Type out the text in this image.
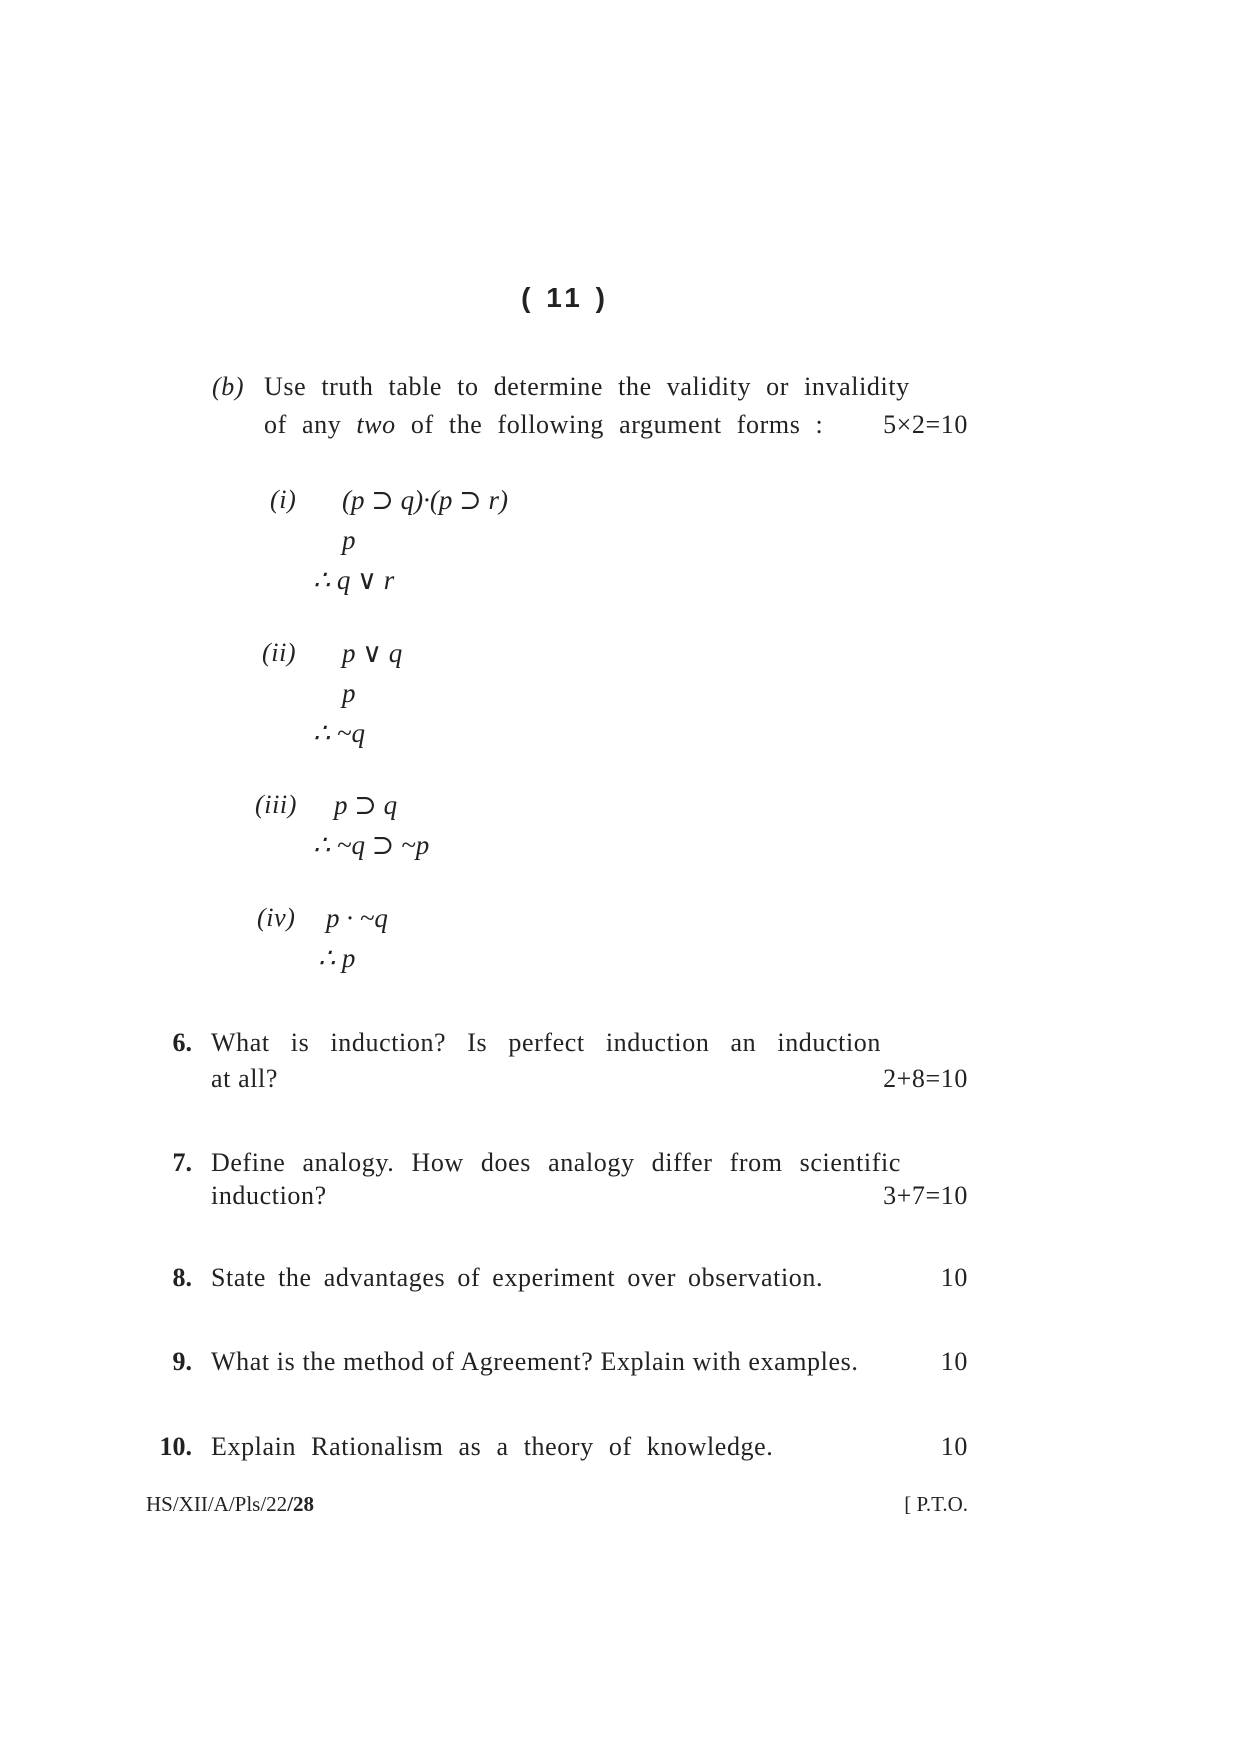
( 11 )
(b) Use truth table to determine the validity or invalidity
of any two of the following argument forms :	5×2=10
(i) (p ⊃ q)·(p ⊃ r)
p
∴ q ∨ r
(ii) p ∨ q
p
∴ ~q
(iii) p ⊃ q
∴ ~q ⊃ ~p
(iv) p · ~q
∴ p
6. What is induction? Is perfect induction an induction
at all?	2+8=10
7. Define analogy. How does analogy differ from scientific
induction?	3+7=10
8. State the advantages of experiment over observation.	10
9. What is the method of Agreement? Explain with examples.	10
10. Explain Rationalism as a theory of knowledge.	10
HS/XII/A/Pls/22/28	[ P.T.O.
